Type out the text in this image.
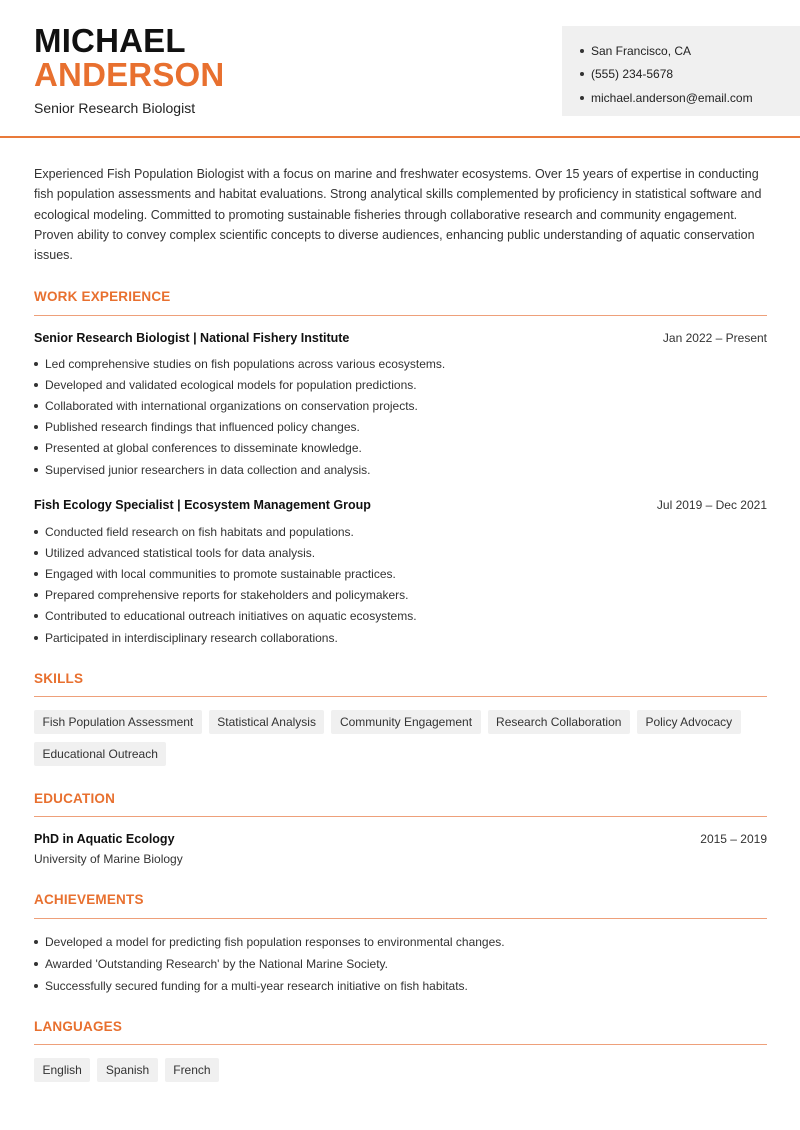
MICHAEL
ANDERSON
Senior Research Biologist
San Francisco, CA
(555) 234-5678
michael.anderson@email.com
Experienced Fish Population Biologist with a focus on marine and freshwater ecosystems. Over 15 years of expertise in conducting fish population assessments and habitat evaluations. Strong analytical skills complemented by proficiency in statistical software and ecological modeling. Committed to promoting sustainable fisheries through collaborative research and community engagement. Proven ability to convey complex scientific concepts to diverse audiences, enhancing public understanding of aquatic conservation issues.
WORK EXPERIENCE
Senior Research Biologist | National Fishery Institute	Jan 2022 – Present
Led comprehensive studies on fish populations across various ecosystems.
Developed and validated ecological models for population predictions.
Collaborated with international organizations on conservation projects.
Published research findings that influenced policy changes.
Presented at global conferences to disseminate knowledge.
Supervised junior researchers in data collection and analysis.
Fish Ecology Specialist | Ecosystem Management Group	Jul 2019 – Dec 2021
Conducted field research on fish habitats and populations.
Utilized advanced statistical tools for data analysis.
Engaged with local communities to promote sustainable practices.
Prepared comprehensive reports for stakeholders and policymakers.
Contributed to educational outreach initiatives on aquatic ecosystems.
Participated in interdisciplinary research collaborations.
SKILLS
Fish Population Assessment	Statistical Analysis	Community Engagement	Research Collaboration	Policy Advocacy
Educational Outreach
EDUCATION
PhD in Aquatic Ecology	2015 – 2019
University of Marine Biology
ACHIEVEMENTS
Developed a model for predicting fish population responses to environmental changes.
Awarded 'Outstanding Research' by the National Marine Society.
Successfully secured funding for a multi-year research initiative on fish habitats.
LANGUAGES
English	Spanish	French
